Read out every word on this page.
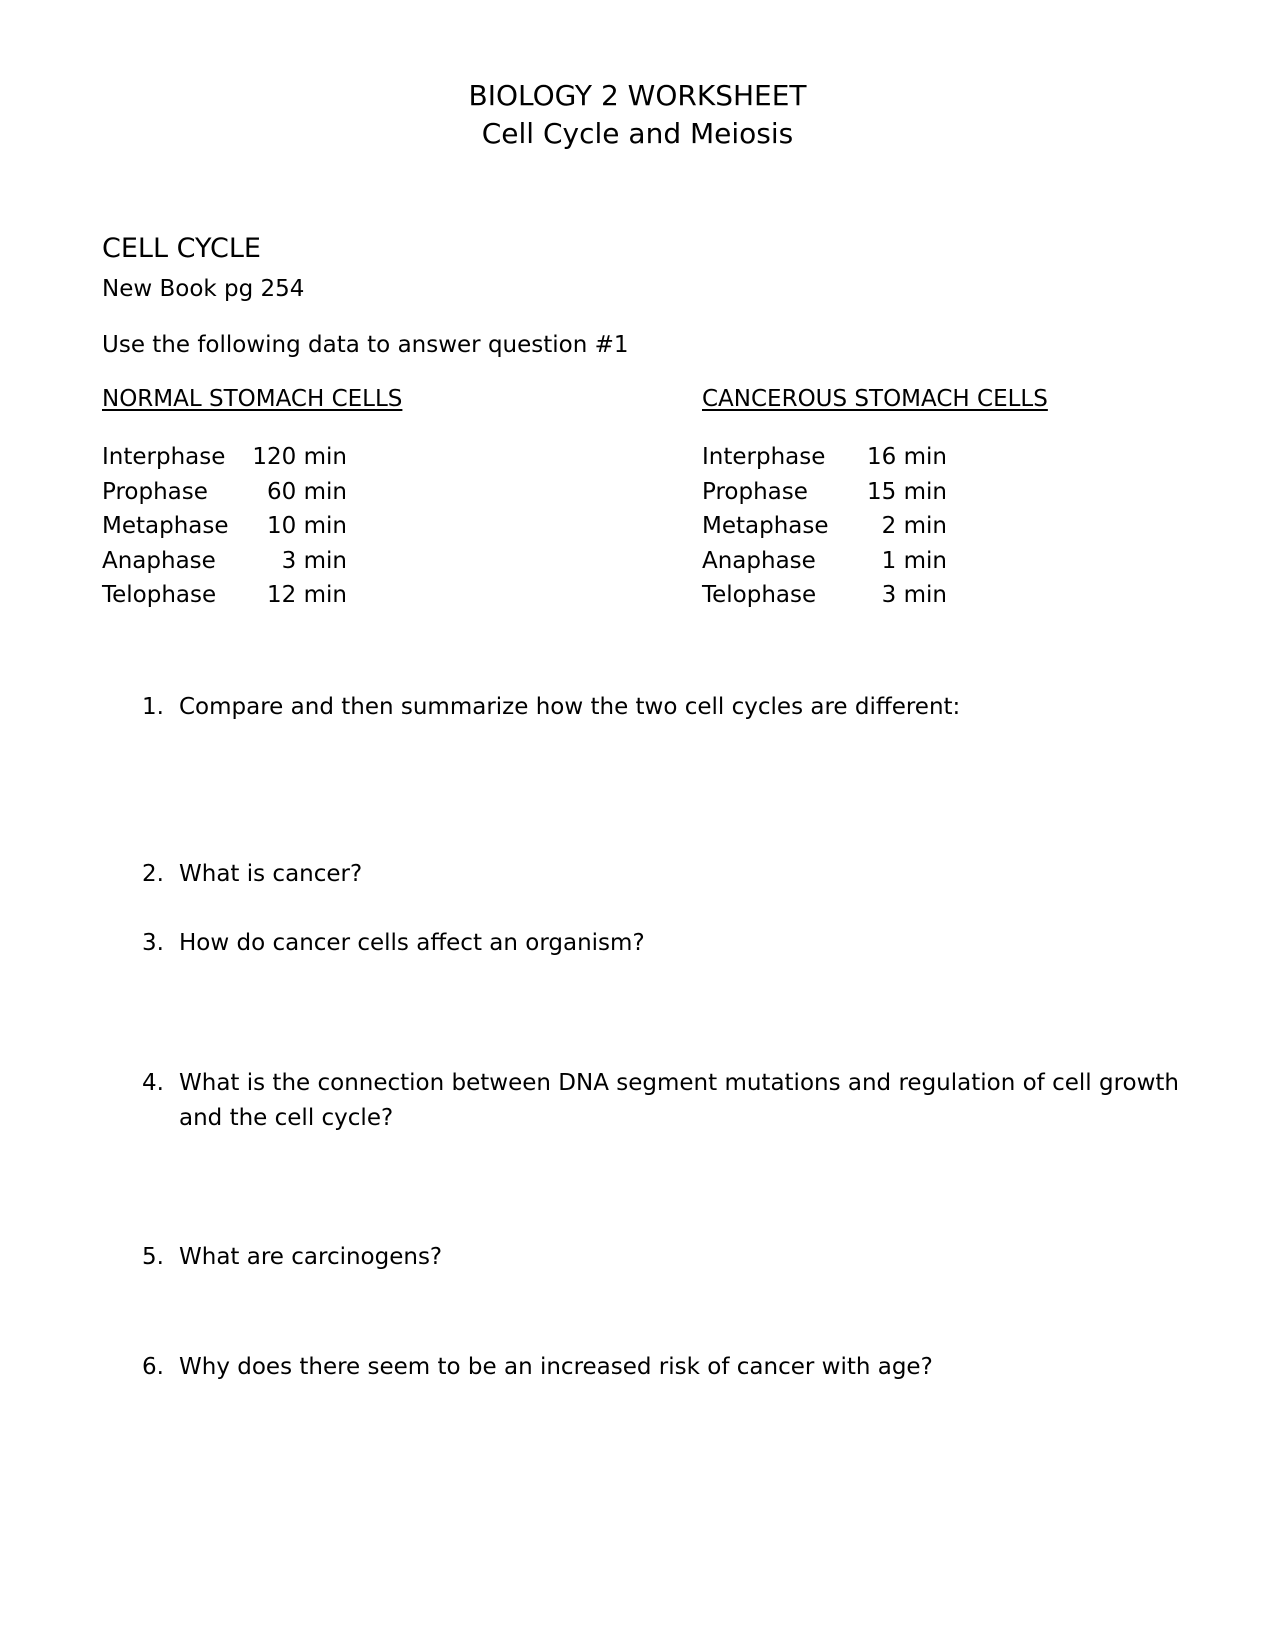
BIOLOGY 2 WORKSHEET
Cell Cycle and Meiosis
CELL CYCLE
New Book pg 254
Use the following data to answer question #1
NORMAL STOMACH CELLS	CANCEROUS STOMACH CELLS
Interphase	120 min
Prophase	60 min
Metaphase	10 min
Anaphase	3 min
Telophase	12 min
Interphase	16 min
Prophase	15 min
Metaphase	2 min
Anaphase	1 min
Telophase	3 min
1. Compare and then summarize how the two cell cycles are different:
2. What is cancer?
3. How do cancer cells affect an organism?
4. What is the connection between DNA segment mutations and regulation of cell growth and the cell cycle?
5. What are carcinogens?
6. Why does there seem to be an increased risk of cancer with age?
